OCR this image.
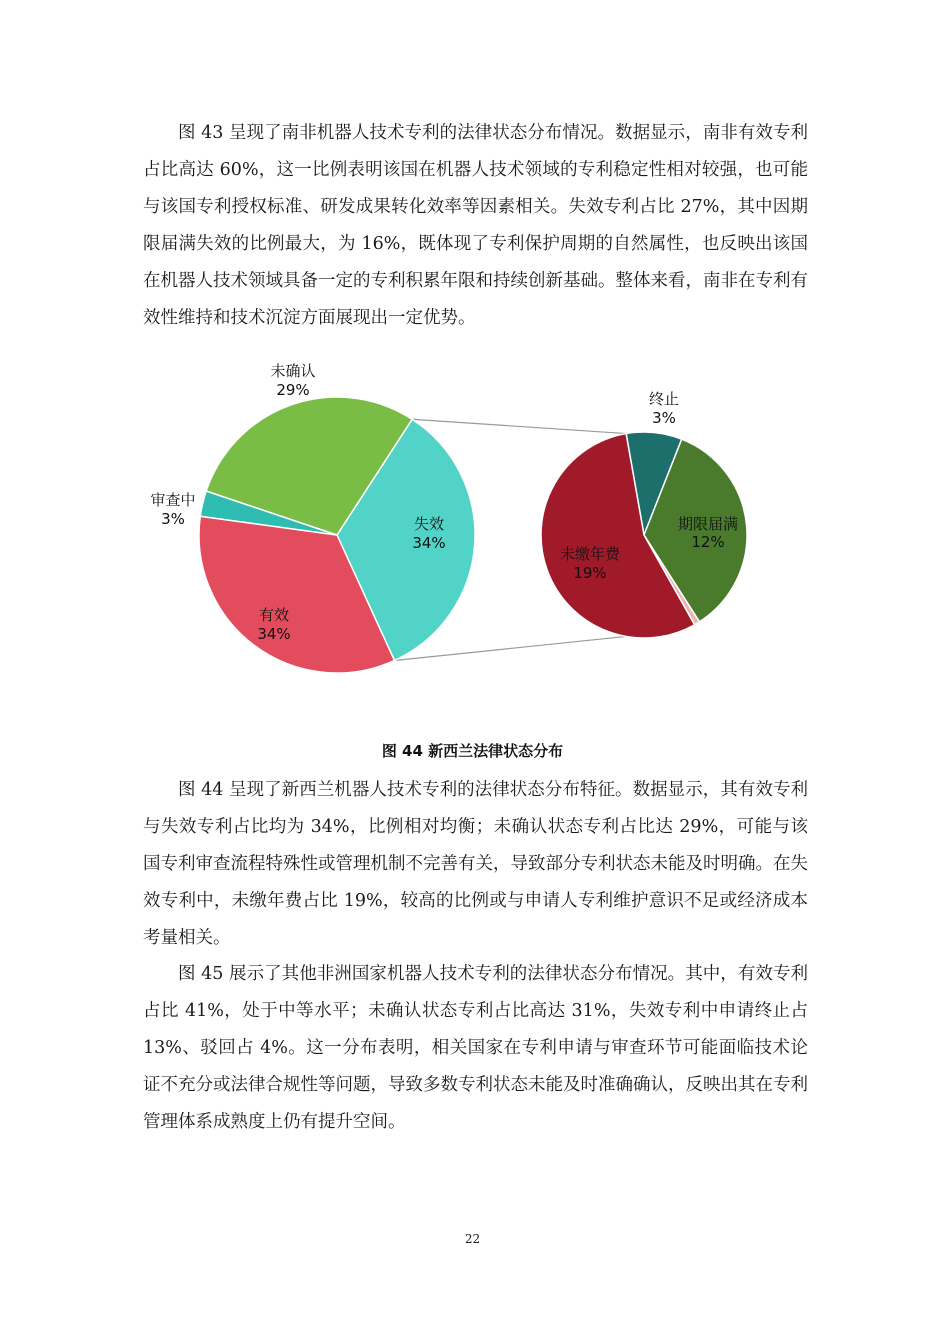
图 43 呈现了南非机器人技术专利的法律状态分布情况。数据显示，南非有效专利占比高达 60%，这一比例表明该国在机器人技术领域的专利稳定性相对较强，也可能与该国专利授权标准、研发成果转化效率等因素相关。失效专利占比 27%，其中因期限届满失效的比例最大，为 16%，既体现了专利保护周期的自然属性，也反映出该国在机器人技术领域具备一定的专利积累年限和持续创新基础。整体来看，南非在专利有效性维持和技术沉淀方面展现出一定优势。

未确认
29%
审查中
3%	失效
34%
有效
34%
终止
3%
期限届满
12%
未缴年费
19%
图 44 新西兰法律状态分布

图 44 呈现了新西兰机器人技术专利的法律状态分布特征。数据显示，其有效专利与失效专利占比均为 34%，比例相对均衡；未确认状态专利占比达 29%，可能与该国专利审查流程特殊性或管理机制不完善有关，导致部分专利状态未能及时明确。在失效专利中，未缴年费占比 19%，较高的比例或与申请人专利维护意识不足或经济成本考量相关。

图 45 展示了其他非洲国家机器人技术专利的法律状态分布情况。其中，有效专利占比 41%，处于中等水平；未确认状态专利占比高达 31%，失效专利中申请终止占 13%、驳回占 4%。这一分布表明，相关国家在专利申请与审查环节可能面临技术论证不充分或法律合规性等问题，导致多数专利状态未能及时准确确认，反映出其在专利管理体系成熟度上仍有提升空间。

22
